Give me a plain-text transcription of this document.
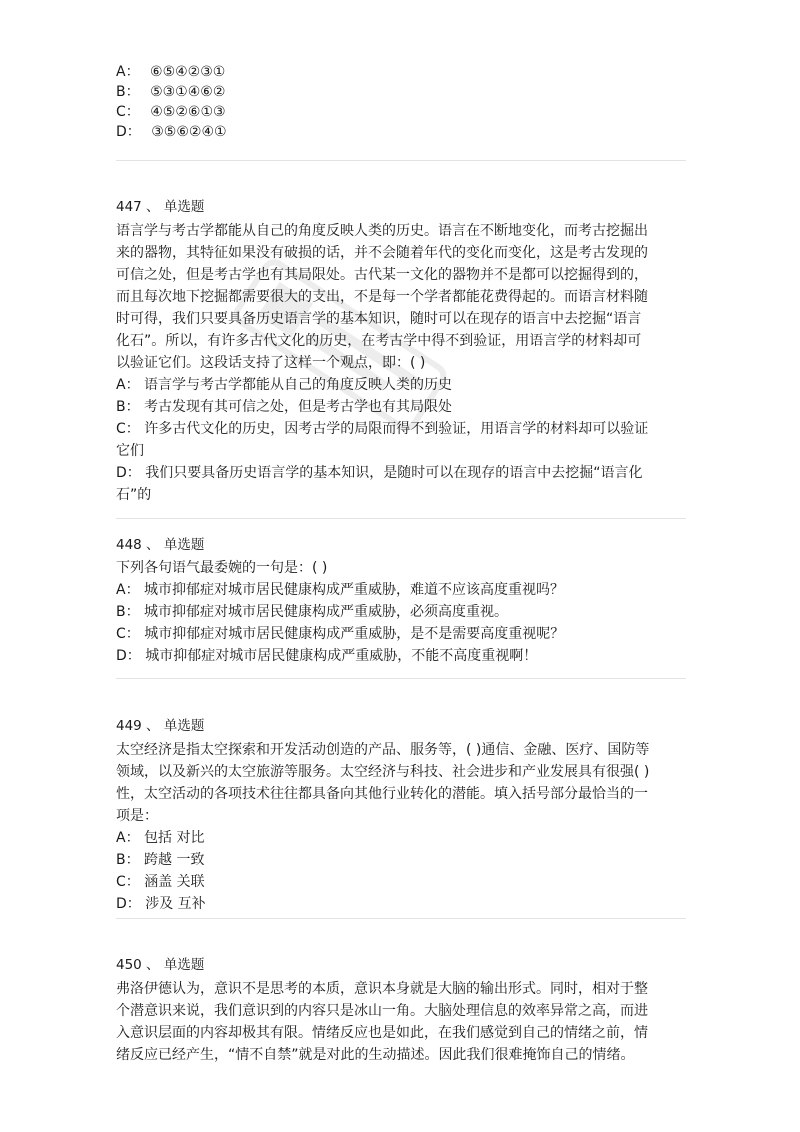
A： ⑥⑤④②③①
B： ⑤③①④⑥②
C： ④⑤②⑥①③
D： ③⑤⑥②④①
447 、 单选题
语言学与考古学都能从自己的角度反映人类的历史。语言在不断地变化，而考古挖掘出
来的器物，其特征如果没有破损的话，并不会随着年代的变化而变化，这是考古发现的
可信之处，但是考古学也有其局限处。古代某一文化的器物并不是都可以挖掘得到的，
而且每次地下挖掘都需要很大的支出，不是每一个学者都能花费得起的。而语言材料随
时可得，我们只要具备历史语言学的基本知识，随时可以在现存的语言中去挖掘“语言
化石”。所以，有许多古代文化的历史，在考古学中得不到验证，用语言学的材料却可
以验证它们。这段话支持了这样一个观点，即：( )
A： 语言学与考古学都能从自己的角度反映人类的历史
B： 考古发现有其可信之处，但是考古学也有其局限处
C： 许多古代文化的历史，因考古学的局限而得不到验证，用语言学的材料却可以验证
它们
D： 我们只要具备历史语言学的基本知识，是随时可以在现存的语言中去挖掘“语言化
石”的
448 、 单选题
下列各句语气最委婉的一句是：( )
A： 城市抑郁症对城市居民健康构成严重威胁，难道不应该高度重视吗？
B： 城市抑郁症对城市居民健康构成严重威胁，必须高度重视。
C： 城市抑郁症对城市居民健康构成严重威胁，是不是需要高度重视呢？
D： 城市抑郁症对城市居民健康构成严重威胁，不能不高度重视啊！
449 、 单选题
太空经济是指太空探索和开发活动创造的产品、服务等，( )通信、金融、医疗、国防等
领域，以及新兴的太空旅游等服务。太空经济与科技、社会进步和产业发展具有很强( )
性，太空活动的各项技术往往都具备向其他行业转化的潜能。填入括号部分最恰当的一
项是：
A： 包括 对比
B： 跨越 一致
C： 涵盖 关联
D： 涉及 互补
450 、 单选题
弗洛伊德认为，意识不是思考的本质，意识本身就是大脑的输出形式。同时，相对于整
个潜意识来说，我们意识到的内容只是冰山一角。大脑处理信息的效率异常之高，而进
入意识层面的内容却极其有限。情绪反应也是如此，在我们感觉到自己的情绪之前，情
绪反应已经产生，“情不自禁”就是对此的生动描述。因此我们很难掩饰自己的情绪。
